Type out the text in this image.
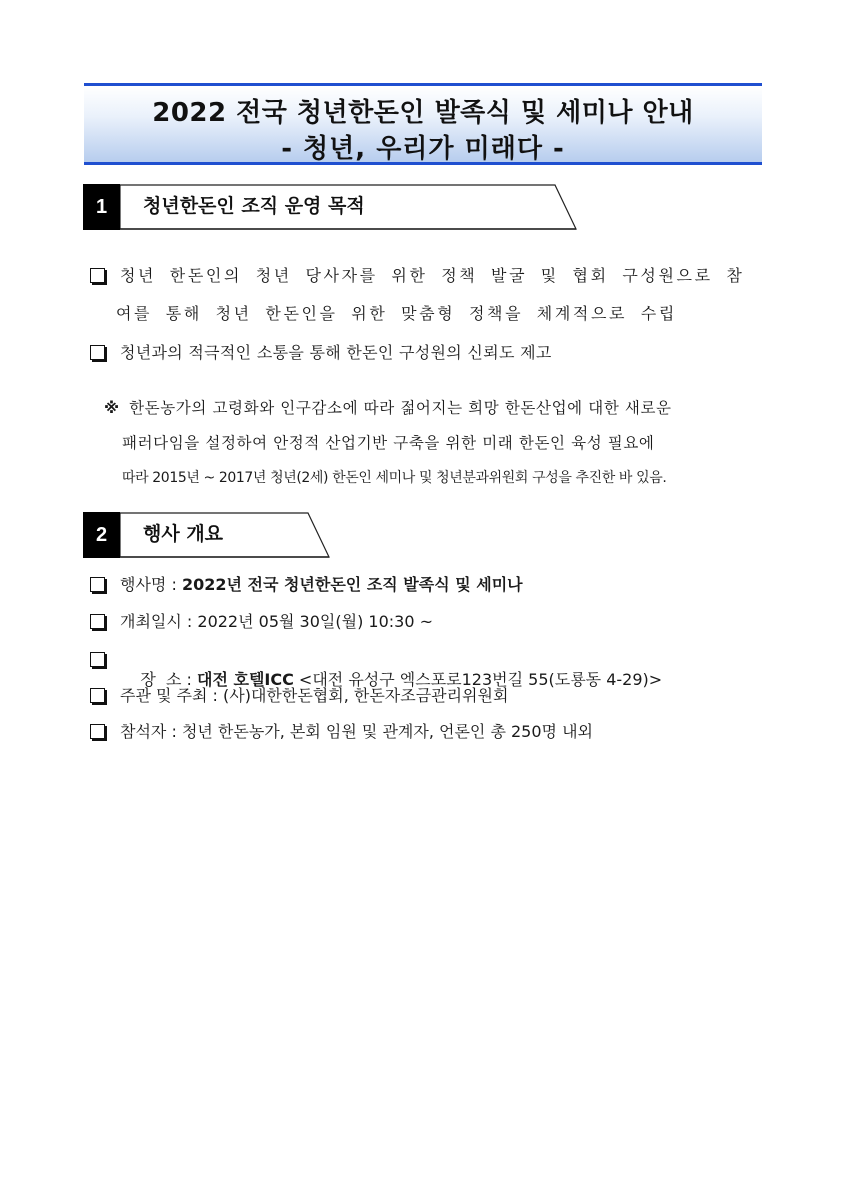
2022 전국 청년한돈인 발족식 및 세미나 안내
- 청년, 우리가 미래다 -
1	청년한돈인 조직 운영 목적
청년 한돈인의 청년 당사자를 위한 정책 발굴 및 협회 구성원으로 참
여를 통해 청년 한돈인을 위한 맞춤형 정책을 체계적으로 수립
청년과의 적극적인 소통을 통해 한돈인 구성원의 신뢰도 제고
※ 한돈농가의 고령화와 인구감소에 따라 젊어지는 희망 한돈산업에 대한 새로운
패러다임을 설정하여 안정적 산업기반 구축을 위한 미래 한돈인 육성 필요에
따라 2015년 ~ 2017년 청년(2세) 한돈인 세미나 및 청년분과위원회 구성을 추진한 바 있음.
2	행사 개요
행사명 : 2022년 전국 청년한돈인 조직 발족식 및 세미나
개최일시 : 2022년 05월 30일(월) 10:30 ~

장  소 : 대전 호텔ICC <대전 유성구 엑스포로123번길 55(도룡동 4-29)>

주관 및 주최 : (사)대한한돈협회, 한돈자조금관리위원회
참석자 : 청년 한돈농가, 본회 임원 및 관계자, 언론인 총 250명 내외
